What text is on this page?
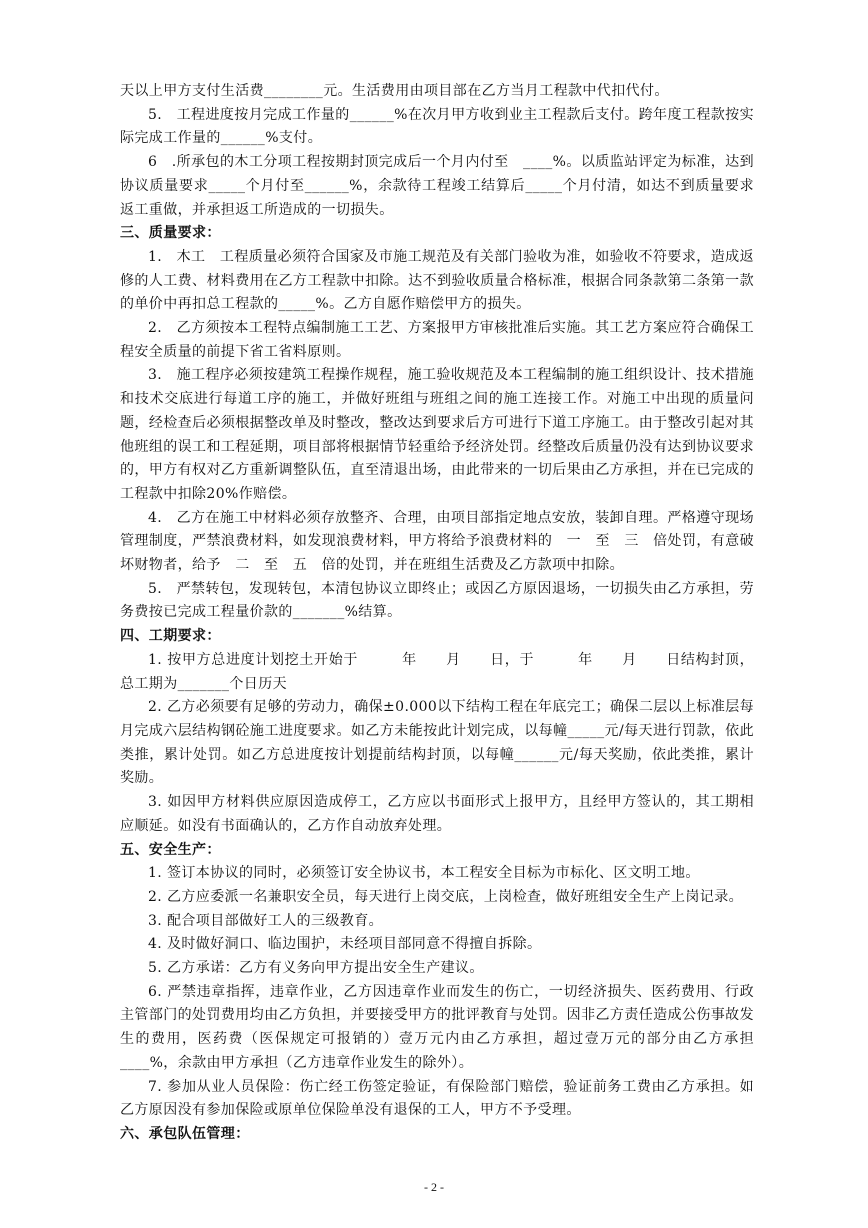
天以上甲方支付生活费________元。生活费用由项目部在乙方当月工程款中代扣代付。

5.　工程进度按月完成工作量的______%在次月甲方收到业主工程款后支付。跨年度工程款按实际完成工作量的______%支付。

6　.所承包的木工分项工程按期封顶完成后一个月内付至　____%。以质监站评定为标准，达到协议质量要求_____个月付至______%，余款待工程竣工结算后_____个月付清，如达不到质量要求返工重做，并承担返工所造成的一切损失。

三、质量要求：

1.　木工　工程质量必须符合国家及市施工规范及有关部门验收为准，如验收不符要求，造成返修的人工费、材料费用在乙方工程款中扣除。达不到验收质量合格标准，根据合同条款第二条第一款的单价中再扣总工程款的_____%。乙方自愿作赔偿甲方的损失。

2.　乙方须按本工程特点编制施工工艺、方案报甲方审核批准后实施。其工艺方案应符合确保工程安全质量的前提下省工省料原则。

3.　施工程序必须按建筑工程操作规程，施工验收规范及本工程编制的施工组织设计、技术措施和技术交底进行每道工序的施工，并做好班组与班组之间的施工连接工作。对施工中出现的质量问题，经检查后必须根据整改单及时整改，整改达到要求后方可进行下道工序施工。由于整改引起对其他班组的误工和工程延期，项目部将根据情节轻重给予经济处罚。经整改后质量仍没有达到协议要求的，甲方有权对乙方重新调整队伍，直至清退出场，由此带来的一切后果由乙方承担，并在已完成的工程款中扣除20%作赔偿。

4.　乙方在施工中材料必须存放整齐、合理，由项目部指定地点安放，装卸自理。严格遵守现场管理制度，严禁浪费材料，如发现浪费材料，甲方将给予浪费材料的　一　至　三　倍处罚，有意破坏财物者，给予　二　至　五　倍的处罚，并在班组生活费及乙方款项中扣除。

5.　严禁转包，发现转包，本清包协议立即终止；或因乙方原因退场，一切损失由乙方承担，劳务费按已完成工程量价款的_______%结算。

四、工期要求：

1. 按甲方总进度计划挖土开始于　　　年　　月　　日，于　　　年　　月　　日结构封顶，总工期为_______个日历天

2. 乙方必须要有足够的劳动力，确保±0.000以下结构工程在年底完工；确保二层以上标准层每月完成六层结构钢砼施工进度要求。如乙方未能按此计划完成，以每幢_____元/每天进行罚款，依此类推，累计处罚。如乙方总进度按计划提前结构封顶，以每幢______元/每天奖励，依此类推，累计奖励。

3. 如因甲方材料供应原因造成停工，乙方应以书面形式上报甲方，且经甲方签认的，其工期相应顺延。如没有书面确认的，乙方作自动放弃处理。

五、安全生产：

1. 签订本协议的同时，必须签订安全协议书，本工程安全目标为市标化、区文明工地。

2. 乙方应委派一名兼职安全员，每天进行上岗交底，上岗检查，做好班组安全生产上岗记录。

3. 配合项目部做好工人的三级教育。

4. 及时做好洞口、临边围护，未经项目部同意不得擅自拆除。

5. 乙方承诺：乙方有义务向甲方提出安全生产建议。

6. 严禁违章指挥，违章作业，乙方因违章作业而发生的伤亡，一切经济损失、医药费用、行政主管部门的处罚费用均由乙方负担，并要接受甲方的批评教育与处罚。因非乙方责任造成公伤事故发生的费用，医药费（医保规定可报销的）壹万元内由乙方承担，超过壹万元的部分由乙方承担　____%，余款由甲方承担（乙方违章作业发生的除外）。

7. 参加从业人员保险：伤亡经工伤签定验证，有保险部门赔偿，验证前务工费由乙方承担。如乙方原因没有参加保险或原单位保险单没有退保的工人，甲方不予受理。

六、承包队伍管理：

- 2 -
